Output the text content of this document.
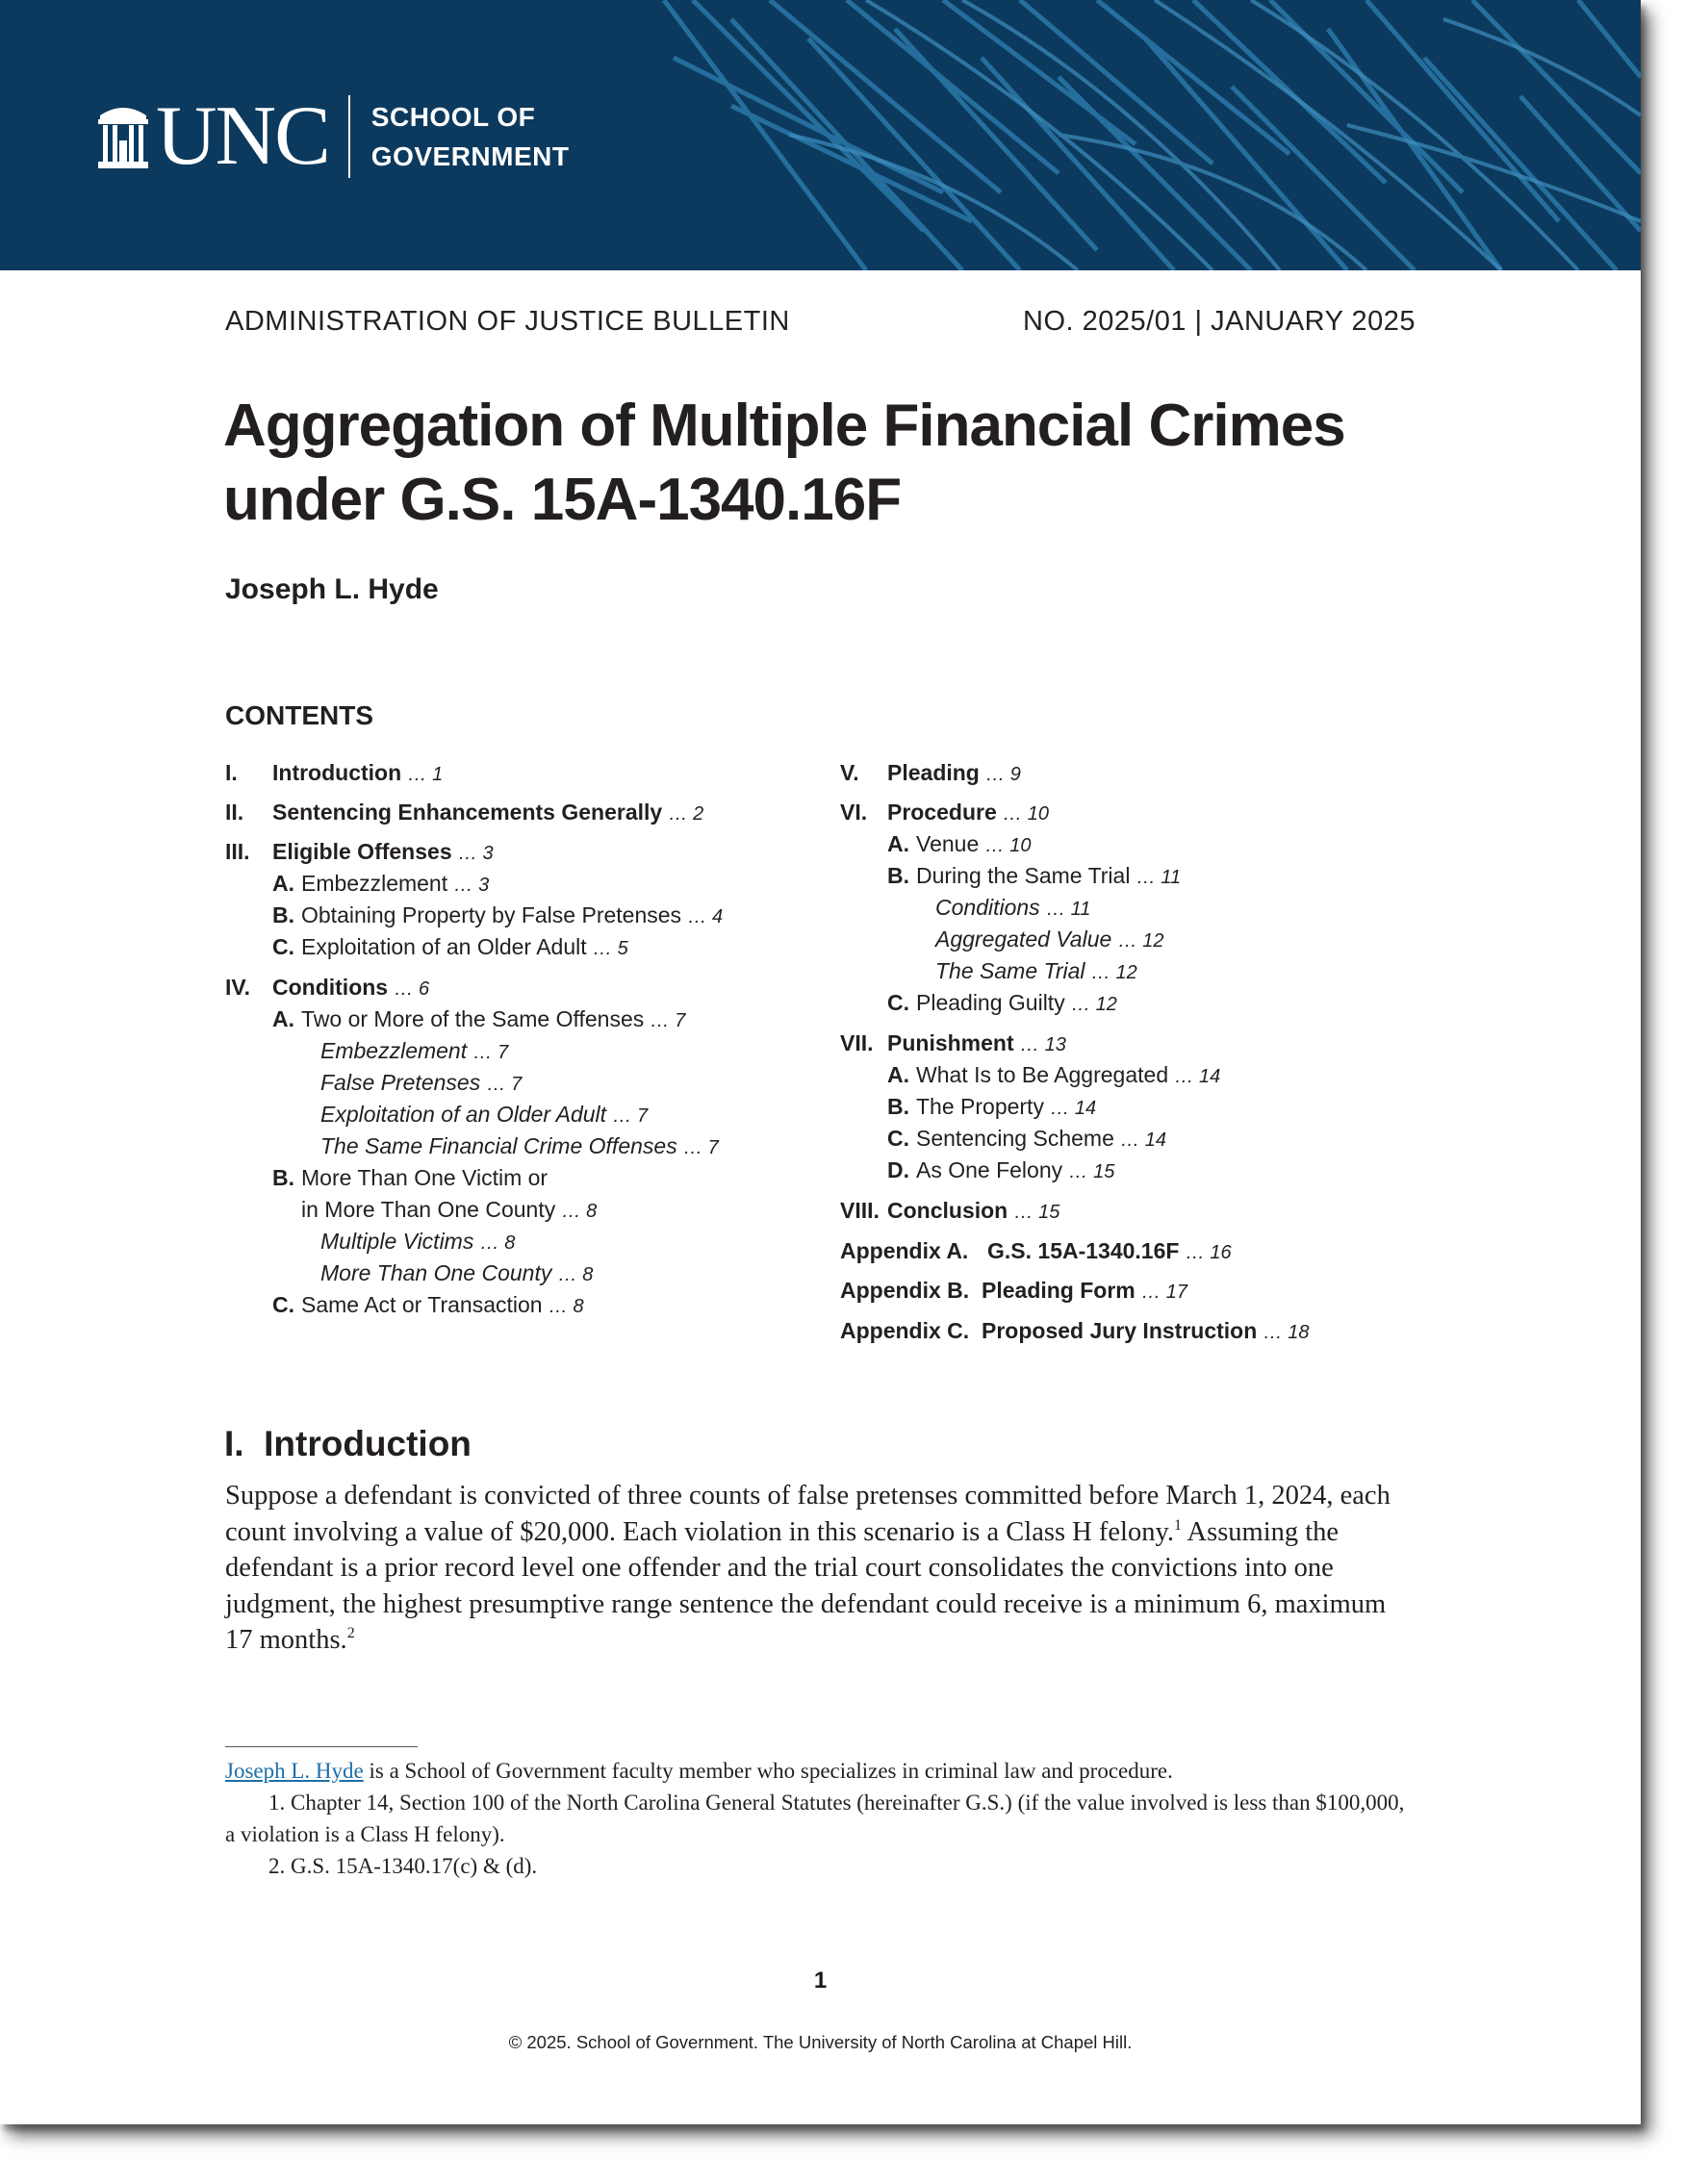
UNC SCHOOL OF
GOVERNMENT
ADMINISTRATION OF JUSTICE BULLETIN	NO. 2025/01 | JANUARY 2025
Aggregation of Multiple Financial Crimes
under G.S. 15A-1340.16F
Joseph L. Hyde
CONTENTS
I. Introduction … 1
II. Sentencing Enhancements Generally … 2
III. Eligible Offenses … 3
A. Embezzlement … 3
B. Obtaining Property by False Pretenses … 4
C. Exploitation of an Older Adult … 5
IV. Conditions … 6
A. Two or More of the Same Offenses … 7
Embezzlement … 7
False Pretenses … 7
Exploitation of an Older Adult … 7
The Same Financial Crime Offenses … 7
B. More Than One Victim or
in More Than One County … 8
Multiple Victims … 8
More Than One County … 8
C. Same Act or Transaction … 8
V. Pleading … 9
VI. Procedure … 10
A. Venue … 10
B. During the Same Trial … 11
Conditions … 11
Aggregated Value … 12
The Same Trial … 12
C. Pleading Guilty … 12
VII. Punishment … 13
A. What Is to Be Aggregated … 14
B. The Property … 14
C. Sentencing Scheme … 14
D. As One Felony … 15
VIII. Conclusion … 15
Appendix A. G.S. 15A-1340.16F … 16
Appendix B. Pleading Form … 17
Appendix C. Proposed Jury Instruction … 18
I. Introduction
Suppose a defendant is convicted of three counts of false pretenses committed before March 1, 2024, each count involving a value of $20,000. Each violation in this scenario is a Class H felony.$^1$ Assuming the defendant is a prior record level one offender and the trial court consolidates the convictions into one judgment, the highest presumptive range sentence the defendant could receive is a minimum 6, maximum 17 months.$^2$
Joseph L. Hyde is a School of Government faculty member who specializes in criminal law and procedure.
1. Chapter 14, Section 100 of the North Carolina General Statutes (hereinafter G.S.) (if the value involved is less than $100,000, a violation is a Class H felony).
2. G.S. 15A-1340.17(c) & (d).
1
© 2025. School of Government. The University of North Carolina at Chapel Hill.
